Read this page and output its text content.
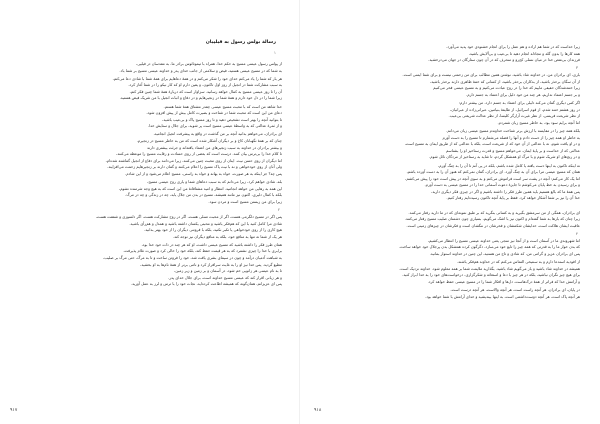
رسالة بولس رسول به فيلپيان
۱
از پولس رسول عیسی مسیح به حکم خدا، همراه با تیموتائوس برادر ما، به مقدسان در فیلپی،
به شما که در مسیح عیسی هستید، فیض و سلامتی از جانب خدای پدر و خداوند عیسی مسیح بر شما باد.
هر بار که شما را یاد می‌کنم خدای خود را شکر می‌کنم و در همهٔ دعاهایم برای همهٔ شما با شادی دعا می‌کنم،
به سبب مشارکت شما در انجیل از روز اول تاکنون، و یقین دارم او که کار نیکو را در شما آغاز کرد،
آن را تا روز عیسی مسیح به کمال خواهد رسانید. سزاوار است که دربارهٔ همهٔ شما چنین فکر کنم،
زیرا شما را در دل خود دارم و همهٔ شما در زنجیرهایم و در دفاع و اثبات انجیل با من شریک فیض هستید.
خدا شاهد من است که با محبت مسیح عیسی چقدر مشتاق همهٔ شما هستم.
دعای من این است که محبت شما در شناخت و بصیرت کامل بیش از پیش افزون شود،
تا بتوانید آنچه را بهتر است تشخیص دهید و تا روز مسیح پاک و بی‌عیب باشید،
و از ثمرهٔ عدالتی که به واسطهٔ عیسی مسیح است پر شوید، برای جلال و ستایش خدا.
ای برادران، می‌خواهم بدانید آنچه بر من گذشت در واقع به پیشرفت انجیل انجامید،
چنان که بر همهٔ نگهبانان کاخ و بر دیگران آشکار شده است که من به خاطر مسیح در زنجیرم.
و بیشتر برادران در خداوند به سبب زنجیرهای من اعتماد یافته‌اند و جرئت بیشتری دارند
تا کلام خدا را بی‌ترس بیان کنند. درست است که بعضی از روی حسادت و رقابت مسیح را موعظه می‌کنند،
اما دیگران از روی حسن نیت. اینان از روی محبت چنین می‌کنند، زیرا می‌دانند برای دفاع از انجیل گماشته شده‌ام،
ولی آنان از روی خودخواهی و نه با نیت پاک مسیح را اعلام می‌کنند و گمان دارند بر زنجیرهایم زحمت می‌افزایند.
پس چه؟ جز اینکه به هر صورت، خواه به بهانه و خواه به راستی، مسیح اعلام می‌شود و از این شادم.
بله، شادی خواهم کرد، زیرا می‌دانم که به سبب دعاهای شما و یاری روح عیسی مسیح،
این همه به رهایی من خواهد انجامید. انتظار و امید مشتاقانهٔ من این است که به هیچ وجه شرمنده نشوم،
بلکه با کمال دلیری، اکنون نیز مانند همیشه، مسیح در بدن من جلال یابد، چه در زندگی و چه در مرگ.
زیرا برای من زیستن مسیح است و مردن سود.
۲
پس اگر در مسیح دلگرمی هست، اگر از محبت تسلی هست، اگر در روح مشارکت هست، اگر دلسوزی و شفقت هست،
شادی مرا کامل کنید با این که هم‌فکر باشید و محبتی یکسان داشته باشید و همدل و هم‌رأی باشید.
هیچ کاری را از روی خودخواهی یا تکبر نکنید، بلکه با فروتنی دیگران را از خود بهتر بدانید.
هر یک از شما نه تنها به منافع خود، بلکه به منافع دیگران نیز توجه کند.
همان طرز فکر را داشته باشید که مسیح عیسی داشت، او که هر چند در ذات خود خدا بود،
برابری با خدا را چیزی نشمرد که به هر قیمت حفظ کند، بلکه خود را خالی کرد و صورت غلام پذیرفت،
به شباهت آدمیان درآمد و چون در سیمای بشری یافت شد، خود را فروتن ساخت و تا به مرگ، حتی مرگ بر صلیب،
مطیع گردید. پس خدا نیز او را به غایت سرافراز کرد و نامی برتر از همهٔ نام‌ها به او بخشید،
تا به نام عیسی هر زانویی خم شود، در آسمان و بر زمین و زیر زمین،
و هر زبانی اقرار کند که عیسی مسیح خداوند است، برای جلال خدای پدر.
پس ای عزیزانم، همان‌گونه که همیشه اطاعت کرده‌اید، نجات خود را با ترس و لرز به عمل آورید.
۹۱۷
زیرا خداست که در شما هم اراده و هم عمل را برای انجام خشنودی خود پدید می‌آورد.
همه کارها را بدون گله و مجادله انجام دهید تا بی‌عیب و بی‌آلایش باشید،
فرزندان بی‌نقص خدا در میان نسلی کج‌رو و منحرف که در آن چون ستارگان در جهان می‌درخشید.
۳
باری، ای برادران من، در خداوند شاد باشید. نوشتن همین مطالب برای من زحمتی نیست و برای شما ایمنی است.
از آن سگان برحذر باشید، از بدکاران برحذر باشید، از کسانی که ختنهٔ ظاهری دارند برحذر باشید،
زیرا ختنه‌شدگان حقیقی ماییم که خدا را در روح عبادت می‌کنیم و به مسیح عیسی فخر می‌کنیم
و بر جسم اعتماد نداریم، هر چند من خود دلیل برای اعتماد به جسم دارم.
اگر کس دیگری گمان می‌کند دلیلی برای اعتماد به جسم دارد، من بیشتر دارم:
در روز هشتم ختنه شدم، از قوم اسرائیل، از طایفهٔ بنیامین، عبرانی‌زاده از عبرانیان،
از نظر شریعت فریسی، از نظر غیرت آزارگر کلیسا، از نظر عدالت شریعتی بی‌عیب.
اما آنچه برایم سود بود، به خاطر مسیح زیان شمردم.
بلکه همه چیز را در مقایسه با ارزش برتر شناخت خداوندم مسیح عیسی زیان می‌دانم.
به خاطر او همه چیز را از دست دادم و آنها را فضله می‌شمارم تا مسیح را به دست آورم
و در او یافت شوم، نه با عدالتی از آن خود که از شریعت است، بلکه با عدالتی که از طریق ایمان به مسیح است،
عدالتی که از خداست و بر پایهٔ ایمان. می‌خواهم مسیح و قدرت رستاخیز او را بشناسم
و در رنج‌های او شریک شوم و با مرگ او همشکل گردم، تا شاید به رستاخیز از مردگان نائل شوم.
نه اینکه تاکنون به اینها دست یافته یا کامل شده باشم، بلکه در پی آنم تا آن را به چنگ آورم،
همان که مسیح عیسی مرا برای آن به چنگ آورد. ای برادران، گمان نمی‌کنم که هنوز آن را به دست آورده باشم،
اما یک کار می‌کنم: آنچه در پشت سر است فراموش می‌کنم و به سوی آنچه در پیش است خود را پیش می‌کشم،
و برای رسیدن به خط پایان می‌کوشم تا جایزهٔ دعوت آسمانی خدا را در مسیح عیسی به دست آورم.
پس همهٔ ما که بالغ هستیم باید همین طرز فکر را داشته باشیم و اگر در چیزی فکر دیگری دارید،
خدا آن را نیز بر شما آشکار خواهد کرد. فقط بر پایهٔ آنچه تاکنون رسیده‌ایم رفتار کنیم.
ای برادران، همگی از من سرمشق بگیرید و به کسانی بنگرید که بر طبق نمونه‌ای که در ما دارید رفتار می‌کنند.
زیرا چنان که بارها به شما گفته‌ام و اکنون نیز با اشک می‌گویم، بسیاری چون دشمنان صلیب مسیح رفتار می‌کنند.
عاقبت ایشان هلاکت است، خدایشان شکمشان و فخرشان در ننگشان است و فکرشان در چیزهای زمینی است.
۴
اما شهروندی ما در آسمان است و از آنجا نیز منجی یعنی خداوند عیسی مسیح را انتظار می‌کشیم،
که بدن خوار ما را به قدرتی که همه چیز را تابع خود می‌سازد، دگرگون کرده همشکل بدن پرجلال خود خواهد ساخت.
پس ای برادران عزیز و گرامی من، که شادی و تاج من هستید، این چنین در خداوند استوار بمانید.
از افودیه استدعا دارم و به سنتیخی التماس می‌کنم که در خداوند هم‌فکر باشند.
همیشه در خداوند شاد باشید و باز می‌گویم شاد باشید. بگذارید ملایمت شما بر همه معلوم شود. خداوند نزدیک است.
برای هیچ چیز نگران نباشید، بلکه در هر چیز با دعا و استغاثه و شکرگزاری، درخواست‌های خود را به خدا ابراز کنید.
و آرامش خدا که فراتر از همهٔ درک‌هاست، دل‌ها و افکار شما را در مسیح عیسی حفظ خواهد کرد.
در پایان، ای برادران، هر آنچه راست است، هر آنچه والاست، هر آنچه درست است،
هر آنچه پاک است، هر آنچه دوست‌داشتنی است، به اینها بیندیشید و خدای آرامش با شما خواهد بود.
۹۱۸
